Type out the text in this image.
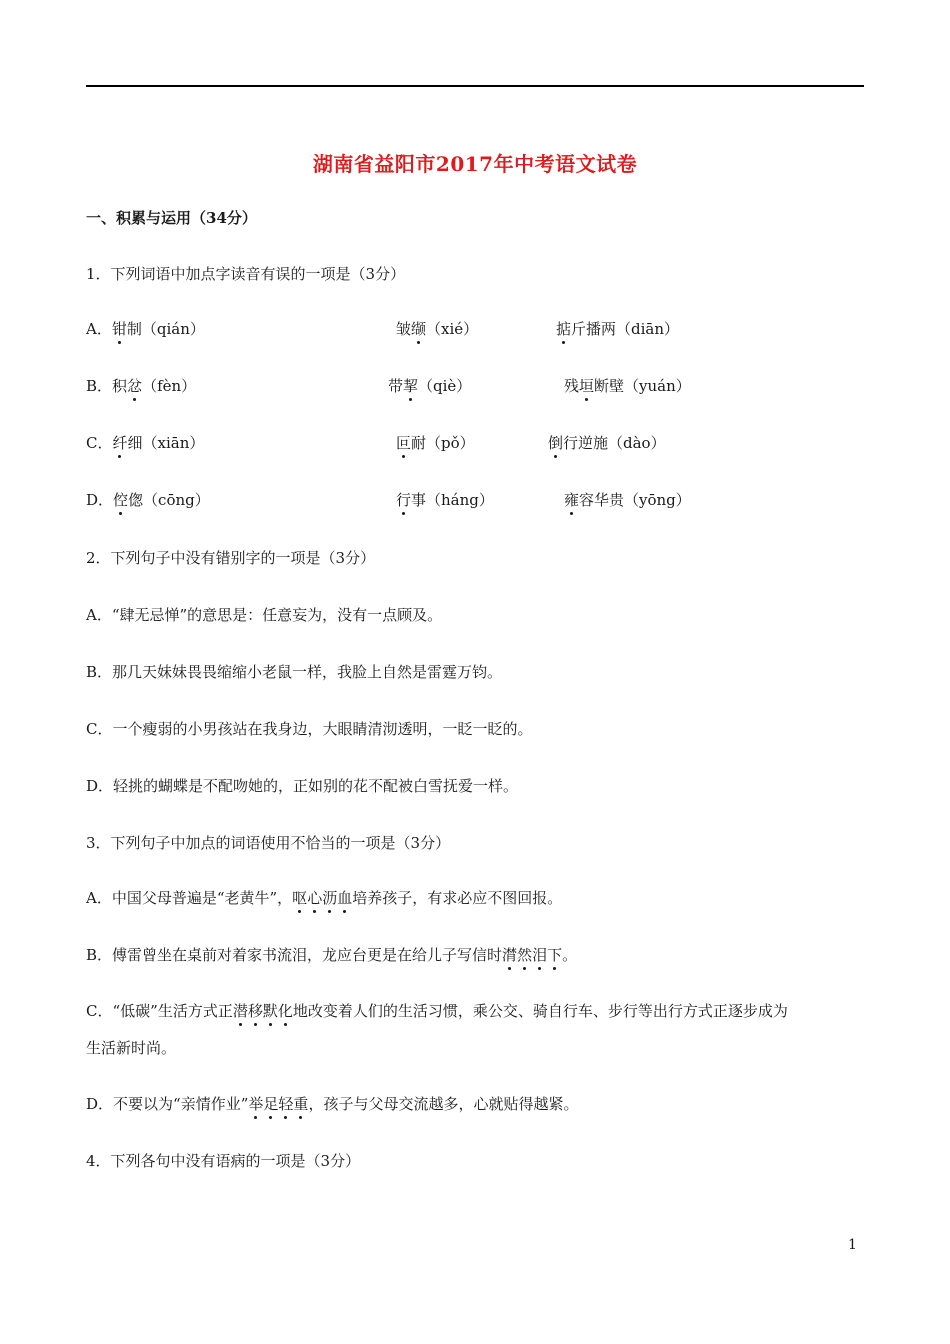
湖南省益阳市2017年中考语文试卷
一、积累与运用（34分）
1．下列词语中加点字读音有误的一项是（3分）
A．钳制（qián）	皱缬（xié）	掂斤播两（diān）
B．积忿（fèn）	带挈（qiè）	残垣断壁（yuán）
C．纤细（xiān）	叵耐（pǒ）	倒行逆施（dào）
D．倥偬（cōng）	行事（háng）	雍容华贵（yōng）
2．下列句子中没有错别字的一项是（3分）
A．“肆无忌惮”的意思是：任意妄为，没有一点顾及。
B．那几天妹妹畏畏缩缩小老鼠一样，我脸上自然是雷霆万钧。
C．一个瘦弱的小男孩站在我身边，大眼睛清沏透明，一眨一眨的。
D．轻挑的蝴蝶是不配吻她的，正如别的花不配被白雪抚爱一样。
3．下列句子中加点的词语使用不恰当的一项是（3分）
A．中国父母普遍是“老黄牛”，呕心沥血培养孩子，有求必应不图回报。
B．傅雷曾坐在桌前对着家书流泪，龙应台更是在给儿子写信时潸然泪下。
C．“低碳”生活方式正潜移默化地改变着人们的生活习惯，乘公交、骑自行车、步行等出行方式正逐步成为
生活新时尚。
D．不要以为“亲情作业”举足轻重，孩子与父母交流越多，心就贴得越紧。
4．下列各句中没有语病的一项是（3分）
1
